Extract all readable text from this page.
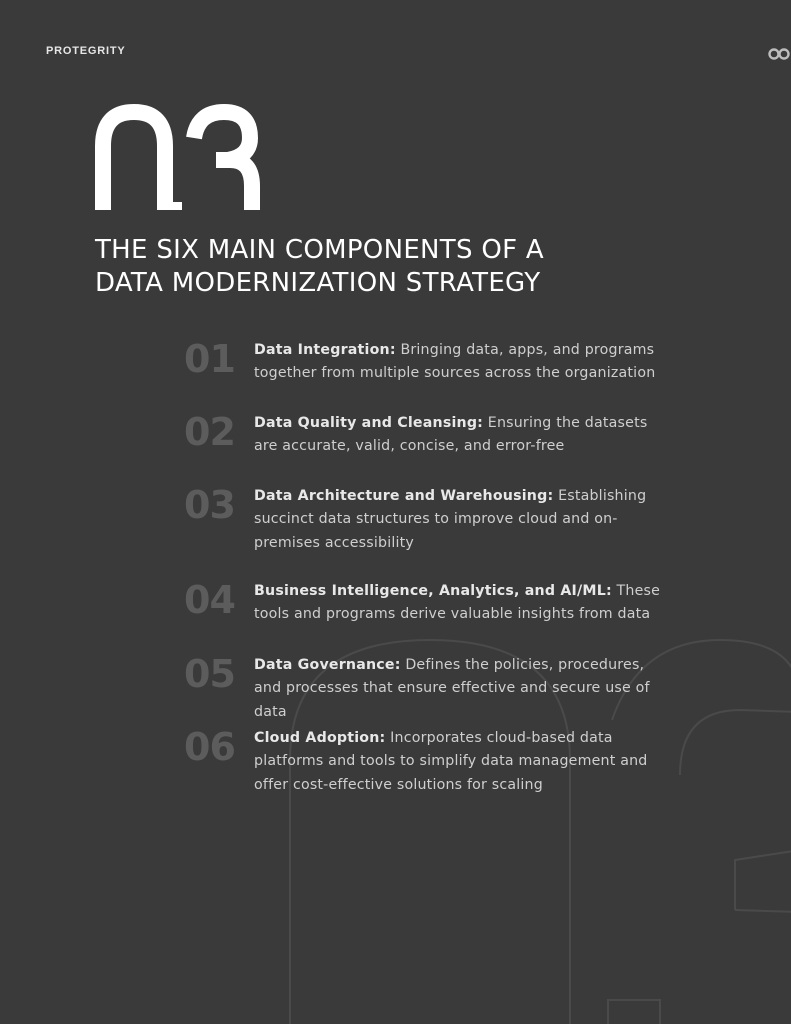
PROTEGRITY
THE SIX MAIN COMPONENTS OF A
DATA MODERNIZATION STRATEGY
01 Data Integration: Bringing data, apps, and programs together from multiple sources across the organization
02 Data Quality and Cleansing: Ensuring the datasets are accurate, valid, concise, and error-free
03 Data Architecture and Warehousing: Establishing succinct data structures to improve cloud and on-premises accessibility
04 Business Intelligence, Analytics, and AI/ML: These tools and programs derive valuable insights from data
05 Data Governance: Defines the policies, procedures, and processes that ensure effective and secure use of data
06 Cloud Adoption: Incorporates cloud-based data platforms and tools to simplify data management and offer cost-effective solutions for scaling
